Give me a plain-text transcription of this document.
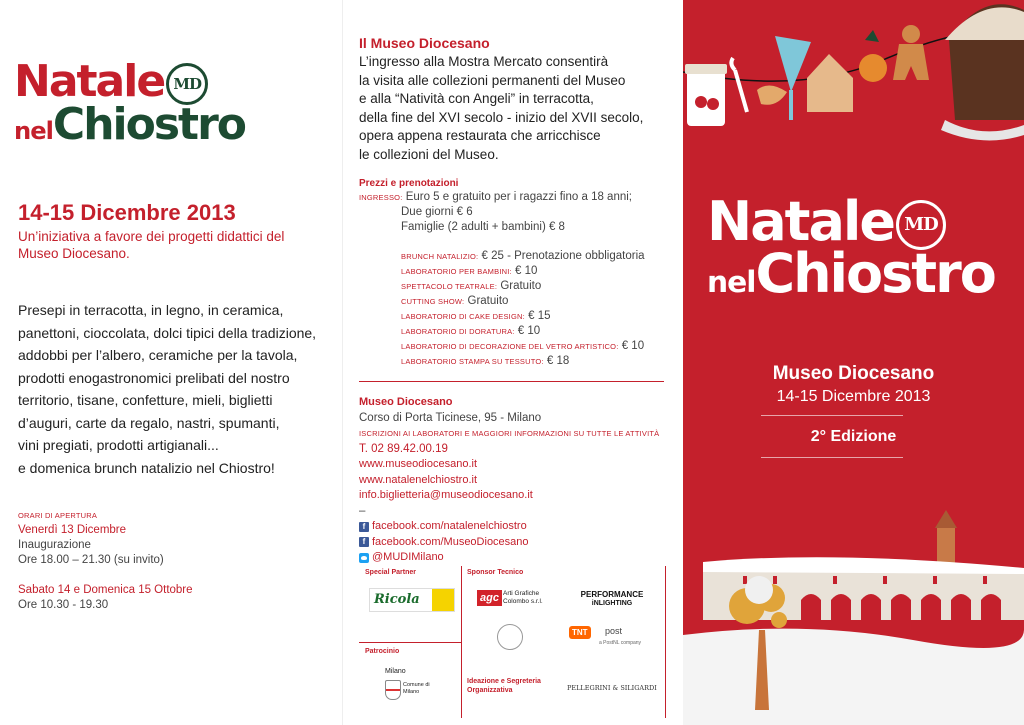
Natale MD
nelChiostro
14-15 Dicembre 2013
Un’iniziativa a favore dei progetti didattici del Museo Diocesano.
Presepi in terracotta, in legno, in ceramica,
panettoni, cioccolata, dolci tipici della tradizione,
addobbi per l’albero, ceramiche per la tavola,
prodotti enogastronomici prelibati del nostro
territorio, tisane, confetture, mieli, biglietti
d’auguri, carte da regalo, nastri, spumanti,
vini pregiati, prodotti artigianali...
e domenica brunch natalizio nel Chiostro!
ORARI DI APERTURA
Venerdì 13 Dicembre
Inaugurazione
Ore 18.00 – 21.30 (su invito)
Sabato 14 e Domenica 15 Ottobre
Ore 10.30 - 19.30
Il Museo Diocesano
L’ingresso alla Mostra Mercato consentirà
la visita alle collezioni permanenti del Museo
e alla “Natività con Angeli” in terracotta,
della fine del XVI secolo - inizio del XVII secolo,
opera appena restaurata che arricchisce
le collezioni del Museo.
Prezzi e prenotazioni
INGRESSO: Euro 5 e gratuito per i ragazzi fino a 18 anni;
Due giorni € 6
Famiglie (2 adulti + bambini) € 8
BRUNCH NATALIZIO: € 25 - Prenotazione obbligatoria
LABORATORIO PER BAMBINI: € 10
SPETTACOLO TEATRALE: Gratuito
CUTTING SHOW: Gratuito
LABORATORIO DI CAKE DESIGN: € 15
LABORATORIO DI DORATURA: € 10
LABORATORIO DI DECORAZIONE DEL VETRO ARTISTICO: € 10
LABORATORIO STAMPA SU TESSUTO: € 18
Museo Diocesano
Corso di Porta Ticinese, 95 - Milano
ISCRIZIONI AI LABORATORI E MAGGIORI INFORMAZIONI SU TUTTE LE ATTIVITÀ
T. 02 89.42.00.19
www.museodiocesano.it
www.natalenelchiostro.it
info.biglietteria@museodiocesano.it
–
f facebook.com/natalenelchiostro
f facebook.com/MuseoDiocesano
@MUDIMilano
Special Partner	Sponsor Tecnico
Patrocinio
Ideazione e Segreteria Organizzativa
Ricola	agc Arti Grafiche Colombo s.r.l.
PERFORMANCE
iNLIGHTING
TNT	post
a PostNL company
Milano
Comune di Milano	PELLEGRINI & SILIGARDI
Natale MD
nelChiostro
Museo Diocesano
14-15 Dicembre 2013
2° Edizione
